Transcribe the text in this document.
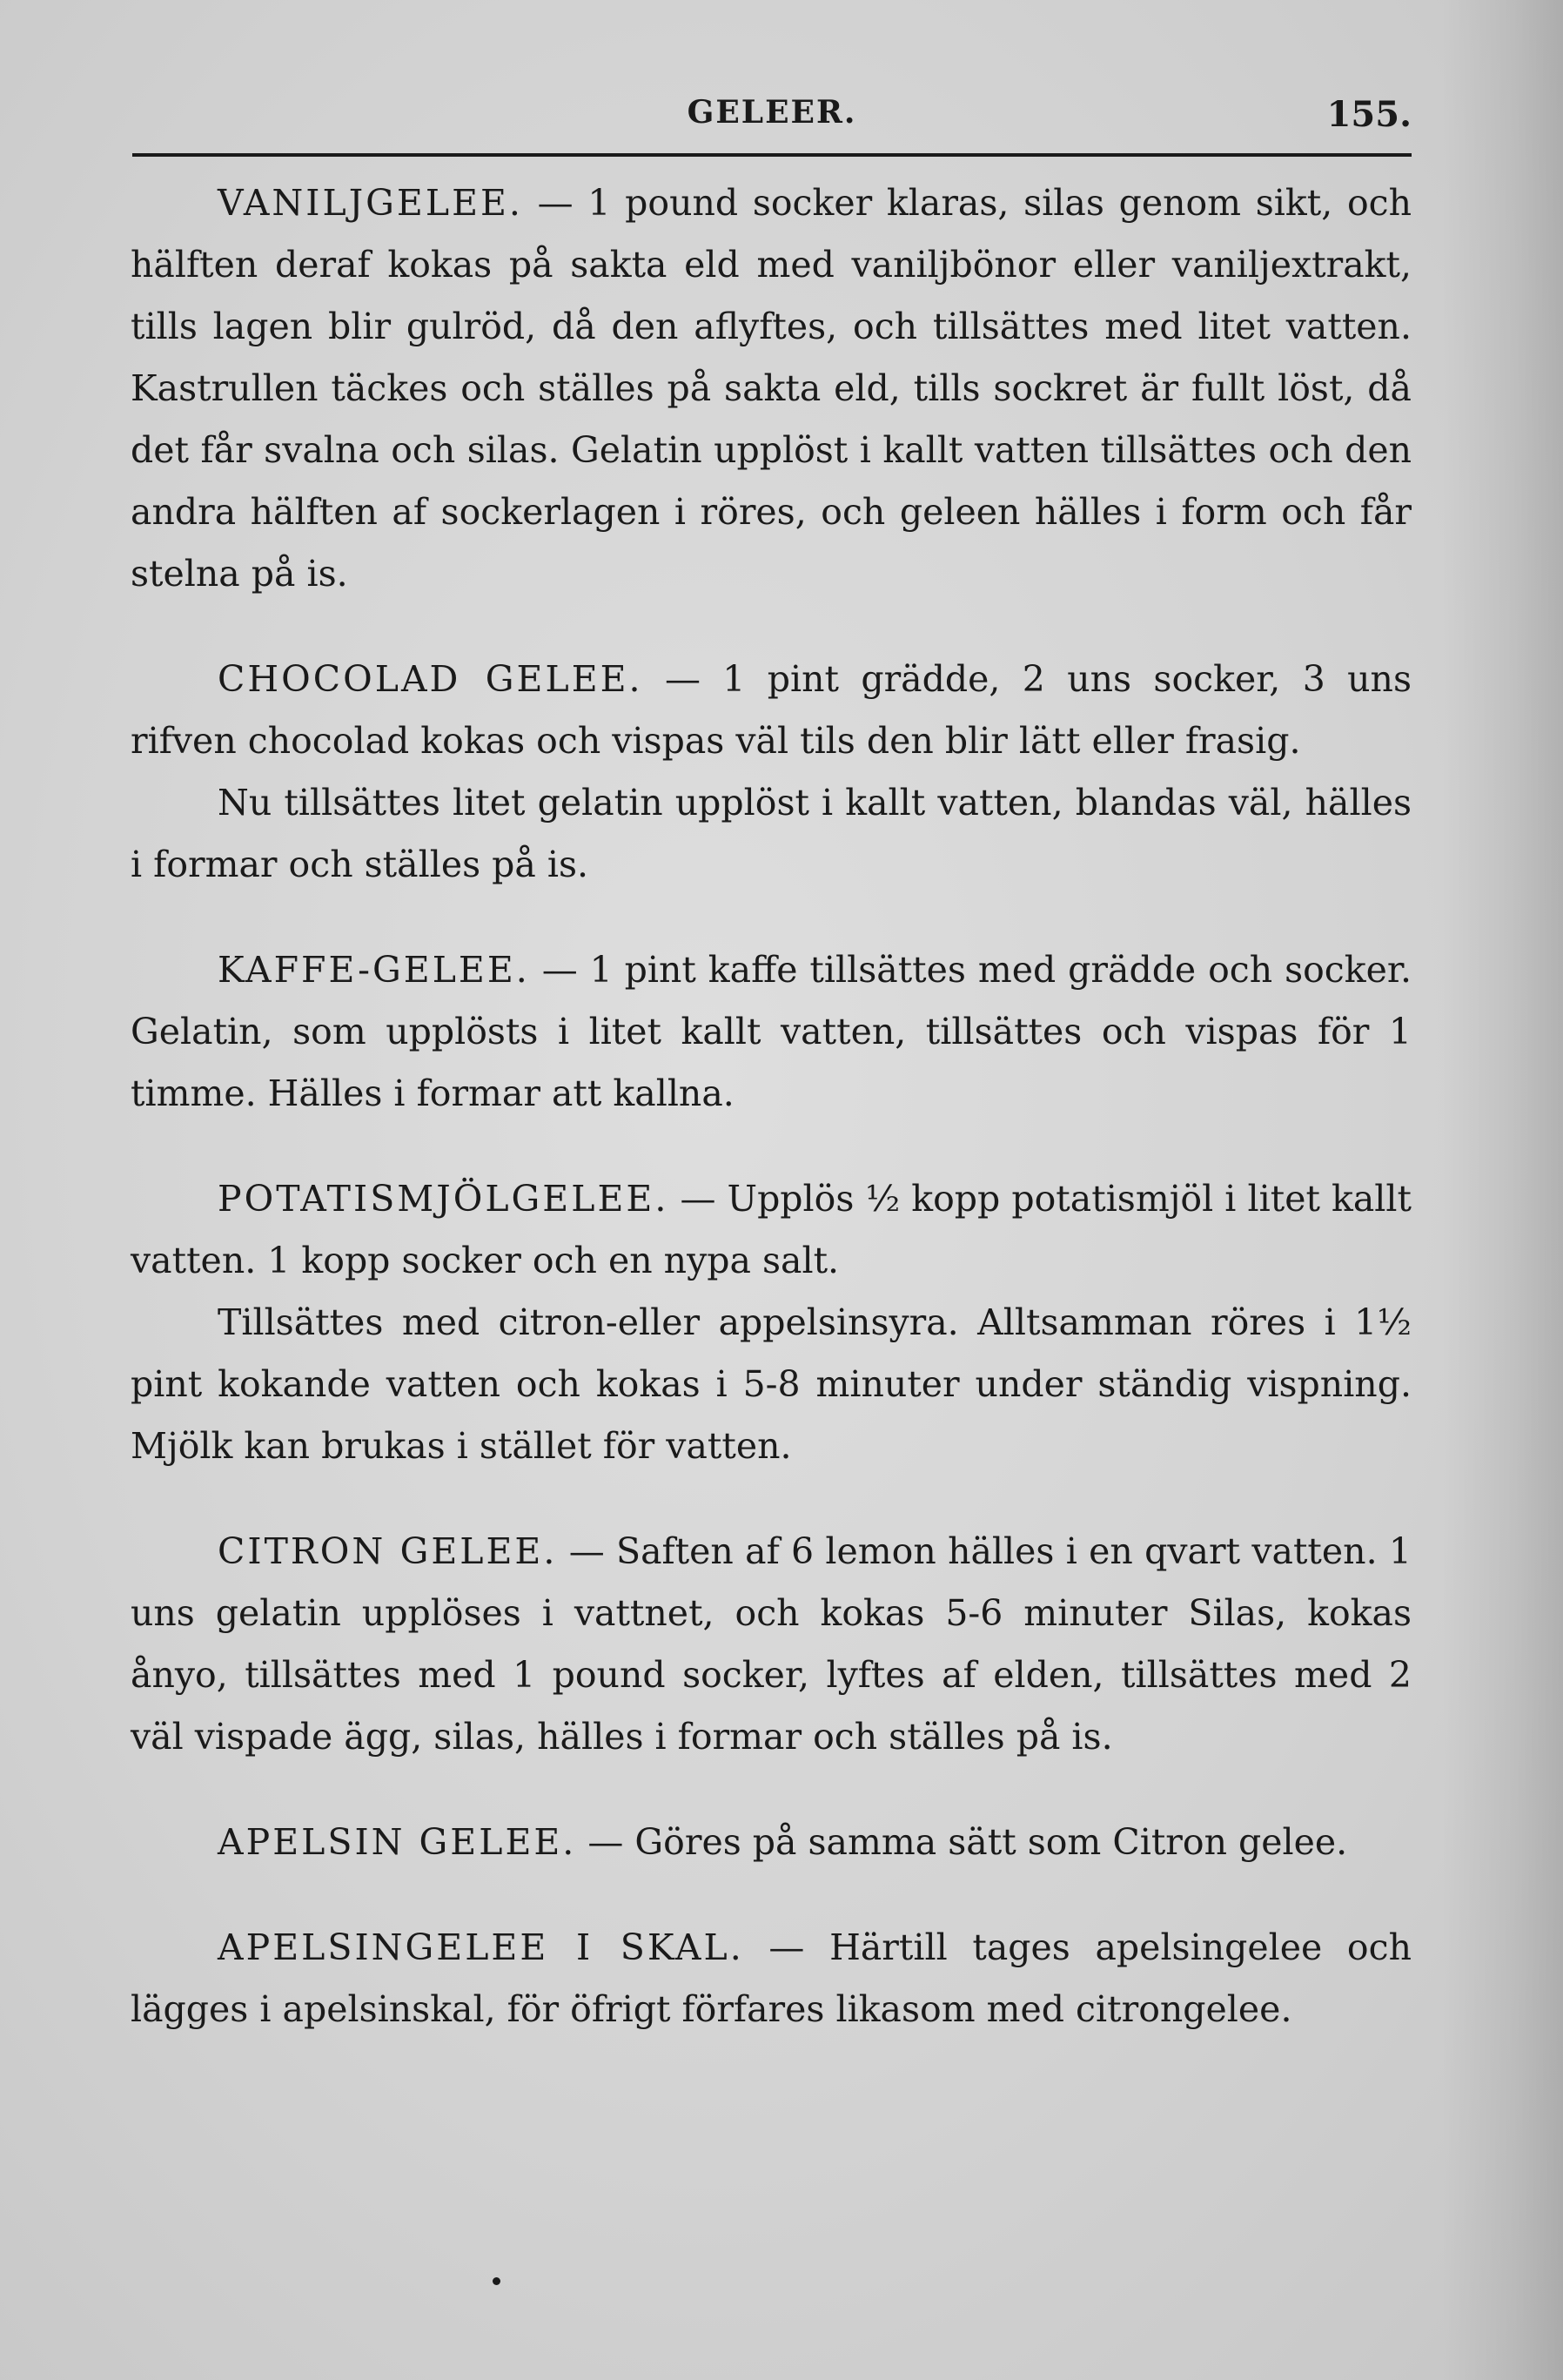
GELEER.	155.

VANILJGELEE. — 1 pound socker klaras, silas genom sikt, och hälften deraf kokas på sakta eld med vaniljbönor eller vaniljextrakt, tills lagen blir gulröd, då den aflyftes, och tillsättes med litet vatten. Kastrullen täckes och ställes på sakta eld, tills sockret är fullt löst, då det får svalna och silas. Gelatin upplöst i kallt vatten tillsättes och den andra hälften af sockerlagen i röres, och geleen hälles i form och får stelna på is.

CHOCOLAD GELEE. — 1 pint grädde, 2 uns socker, 3 uns rifven chocolad kokas och vispas väl tils den blir lätt eller frasig.

Nu tillsättes litet gelatin upplöst i kallt vatten, blandas väl, hälles i formar och ställes på is.

KAFFE-GELEE. — 1 pint kaffe tillsättes med grädde och socker. Gelatin, som upplösts i litet kallt vatten, tillsättes och vispas för 1 timme. Hälles i formar att kallna.

POTATISMJÖLGELEE. — Upplös ½ kopp potatismjöl i litet kallt vatten. 1 kopp socker och en nypa salt.

Tillsättes med citron-eller appelsinsyra. Alltsamman röres i 1½ pint kokande vatten och kokas i 5-8 minuter under ständig vispning. Mjölk kan brukas i stället för vatten.

CITRON GELEE. — Saften af 6 lemon hälles i en qvart vatten. 1 uns gelatin upplöses i vattnet, och kokas 5-6 minuter Silas, kokas ånyo, tillsättes med 1 pound socker, lyftes af elden, tillsättes med 2 väl vispade ägg, silas, hälles i formar och ställes på is.

APELSIN GELEE. — Göres på samma sätt som Citron gelee.

APELSINGELEE I SKAL. — Härtill tages apelsingelee och lägges i apelsinskal, för öfrigt förfares likasom med citrongelee.
